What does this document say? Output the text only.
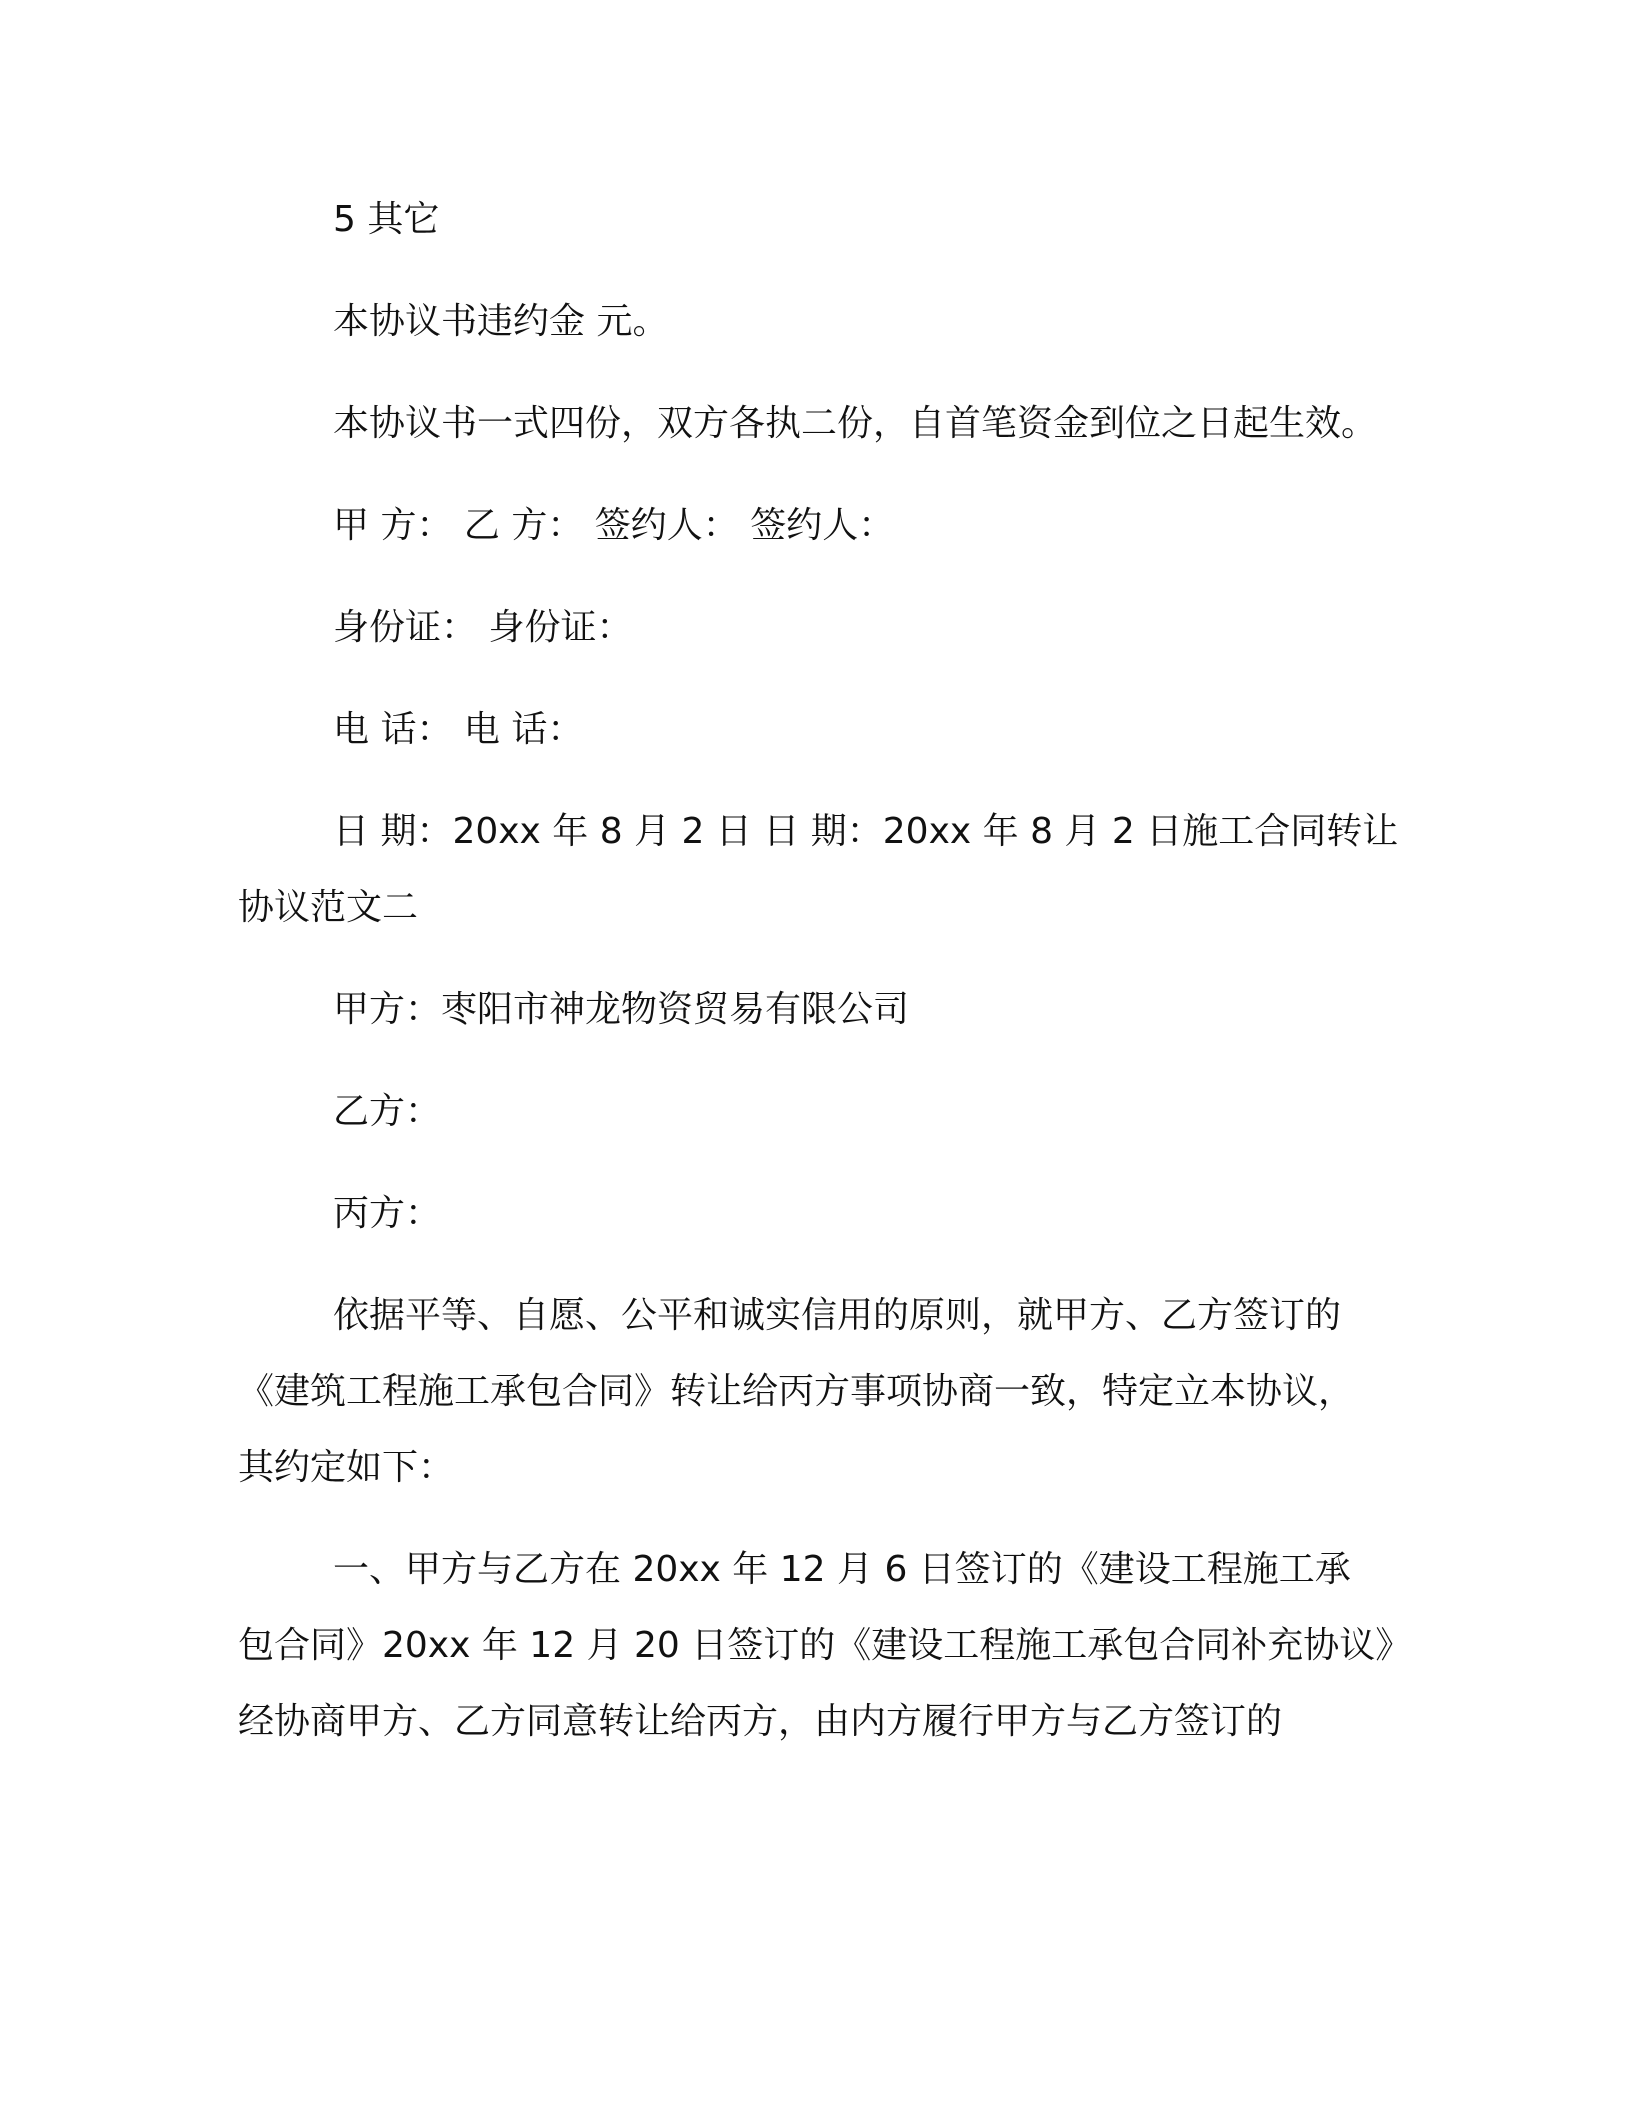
5 其它

本协议书违约金 元。

本协议书一式四份，双方各执二份，自首笔资金到位之日起生效。

甲 方： 乙 方： 签约人： 签约人：

身份证： 身份证：

电 话： 电 话：

日 期：20xx 年 8 月 2 日 日 期：20xx 年 8 月 2 日施工合同转让

协议范文二

甲方：枣阳市神龙物资贸易有限公司

乙方：

丙方：

依据平等、自愿、公平和诚实信用的原则，就甲方、乙方签订的

《建筑工程施工承包合同》转让给丙方事项协商一致，特定立本协议，

其约定如下：

一、甲方与乙方在 20xx 年 12 月 6 日签订的《建设工程施工承

包合同》20xx 年 12 月 20 日签订的《建设工程施工承包合同补充协议》

经协商甲方、乙方同意转让给丙方，由内方履行甲方与乙方签订的
